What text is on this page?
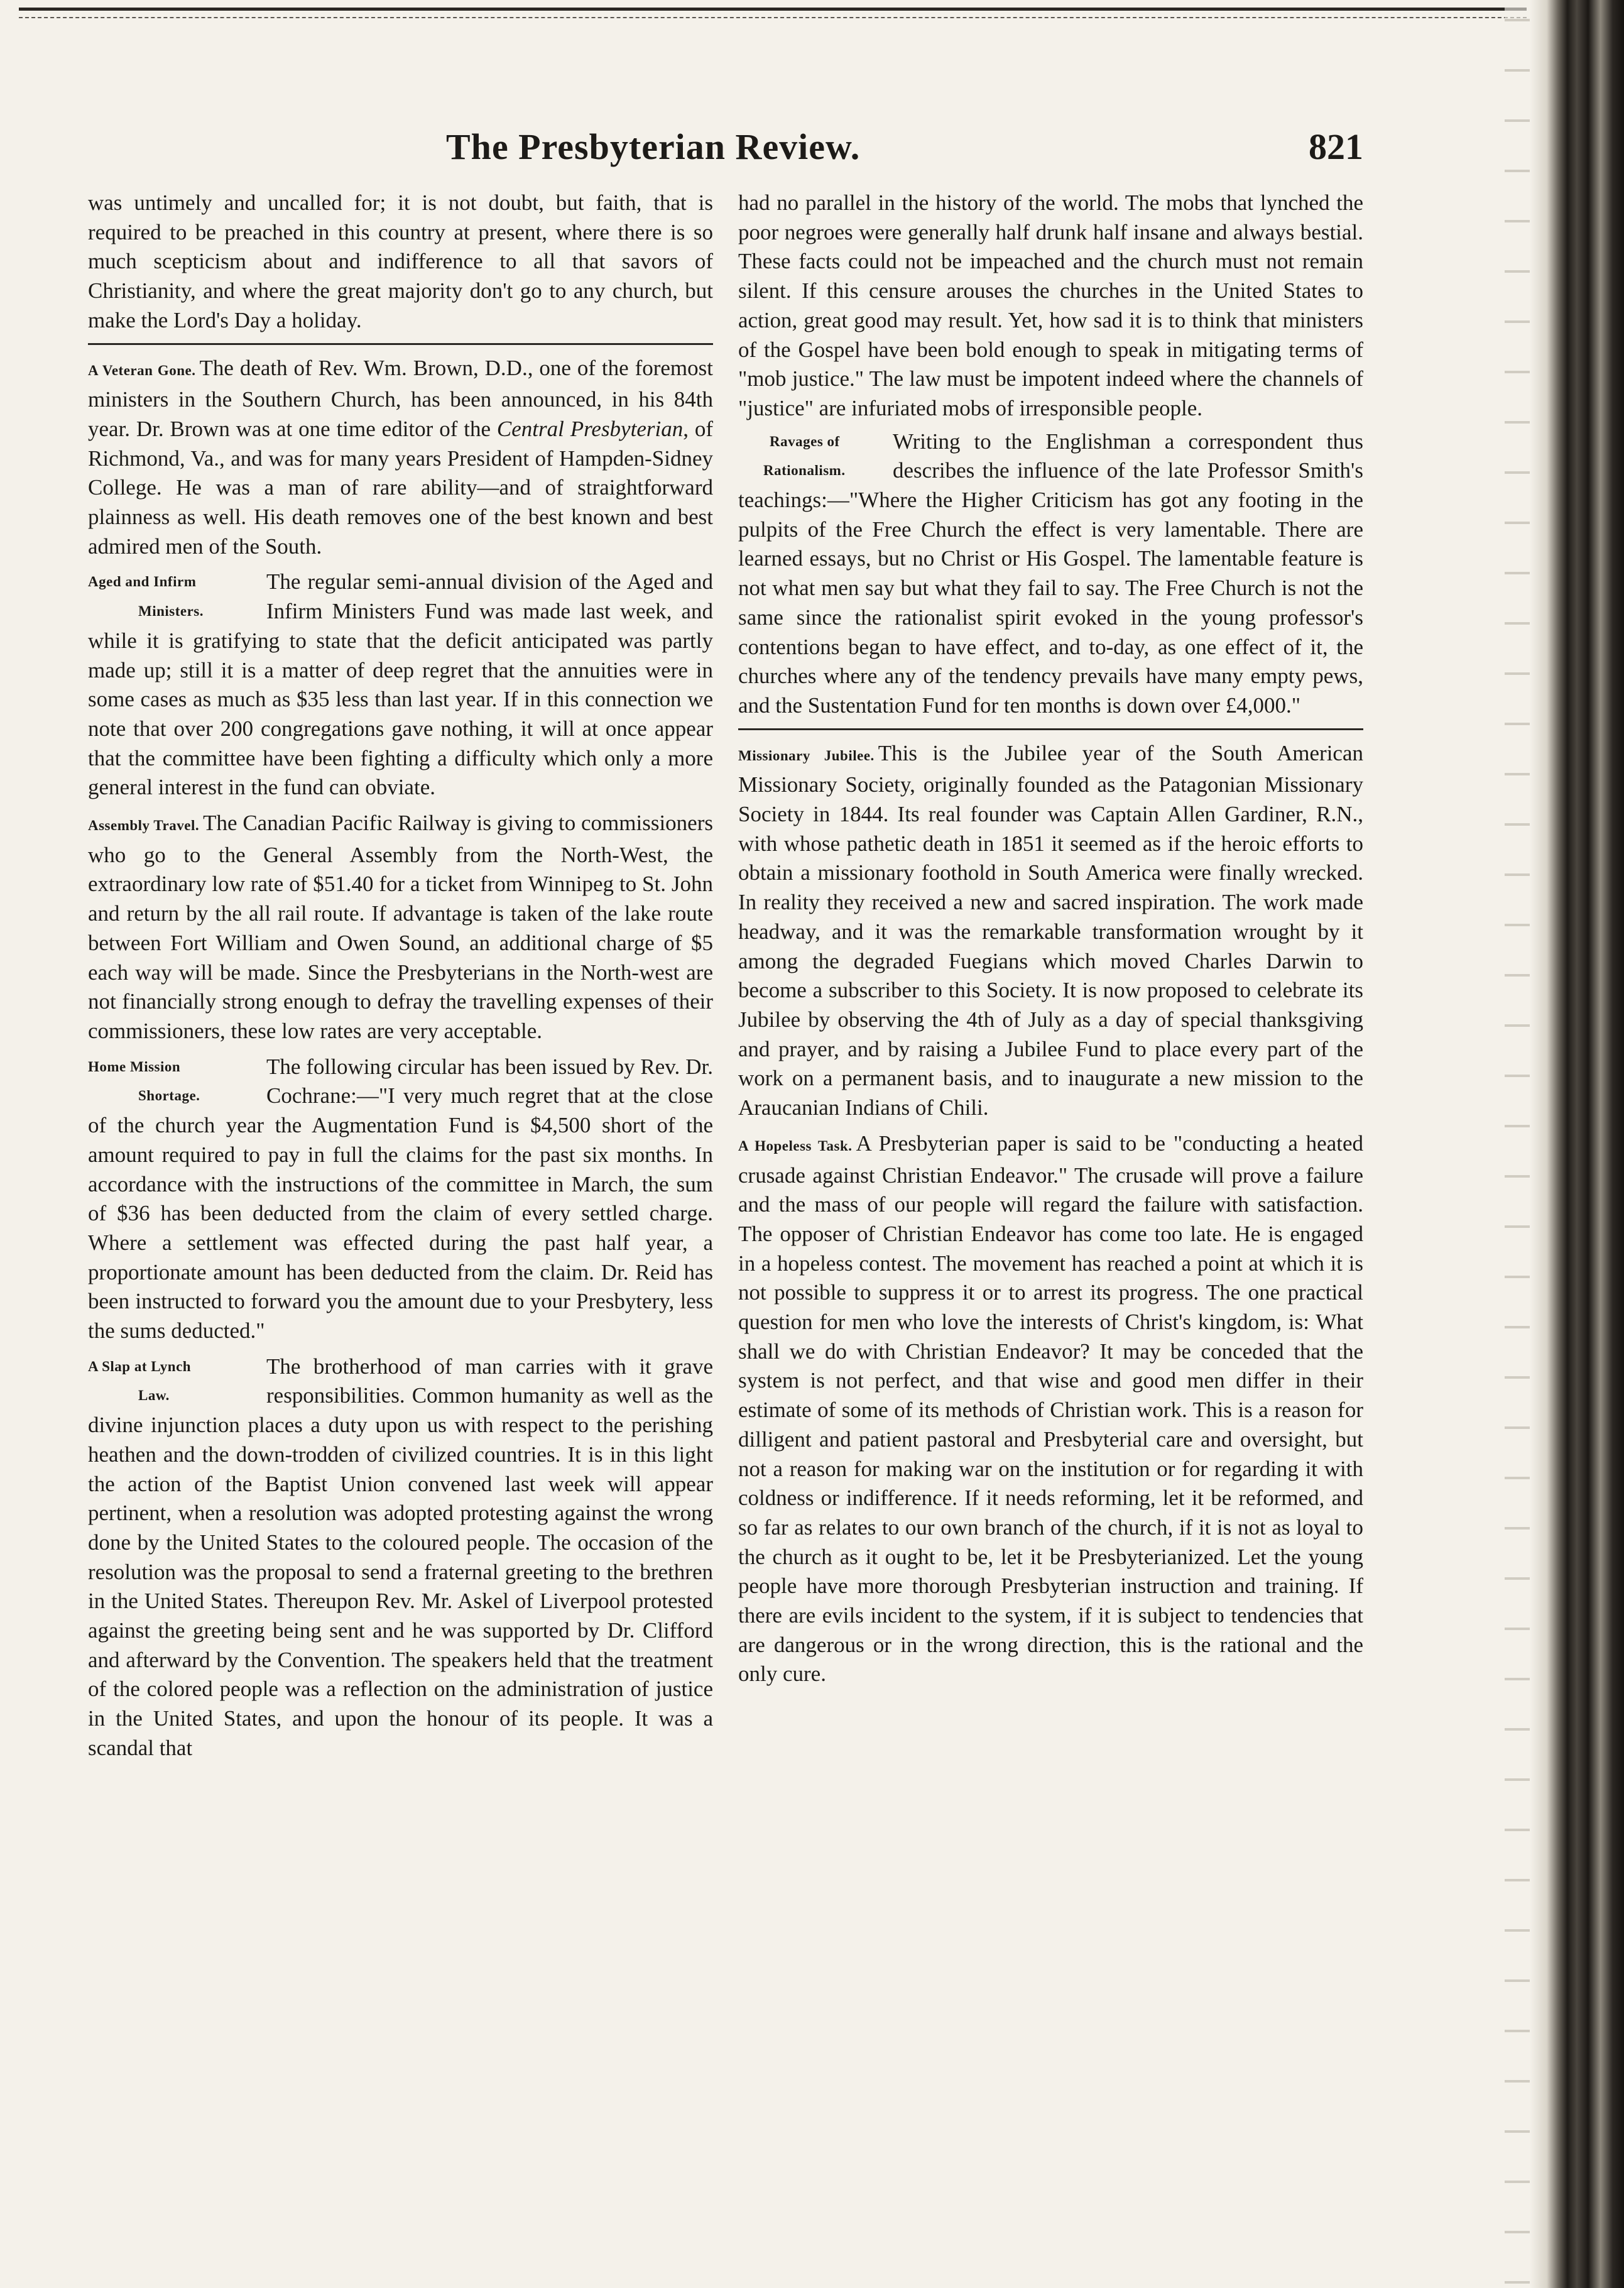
The Presbyterian Review.	821

was untimely and uncalled for; it is not doubt, but faith, that is required to be preached in this country at present, where there is so much scepticism about and indifference to all that savors of Christianity, and where the great majority don't go to any church, but make the Lord's Day a holiday.

A Veteran Gone. The death of Rev. Wm. Brown, D.D., one of the foremost ministers in the Southern Church, has been announced, in his 84th year. Dr. Brown was at one time editor of the Central Presbyterian, of Richmond, Va., and was for many years President of Hampden-Sidney College. He was a man of rare ability—and of straightforward plainness as well. His death removes one of the best known and best admired men of the South.

Aged and Infirm
Ministers.
The regular semi-annual division of the Aged and Infirm Ministers Fund was made last week, and while it is gratifying to state that the deficit anticipated was partly made up; still it is a matter of deep regret that the annuities were in some cases as much as $35 less than last year. If in this connection we note that over 200 congregations gave nothing, it will at once appear that the committee have been fighting a difficulty which only a more general interest in the fund can obviate.

Assembly Travel. The Canadian Pacific Railway is giving to commissioners who go to the General Assembly from the North-West, the extraordinary low rate of $51.40 for a ticket from Winnipeg to St. John and return by the all rail route. If advantage is taken of the lake route between Fort William and Owen Sound, an additional charge of $5 each way will be made. Since the Presbyterians in the North-west are not financially strong enough to defray the travelling expenses of their commissioners, these low rates are very acceptable.

Home Mission
Shortage.
The following circular has been issued by Rev. Dr. Cochrane:—"I very much regret that at the close of the church year the Augmentation Fund is $4,500 short of the amount required to pay in full the claims for the past six months. In accordance with the instructions of the committee in March, the sum of $36 has been deducted from the claim of every settled charge. Where a settlement was effected during the past half year, a proportionate amount has been deducted from the claim. Dr. Reid has been instructed to forward you the amount due to your Presbytery, less the sums deducted."

A Slap at Lynch
Law.
The brotherhood of man carries with it grave responsibilities. Common humanity as well as the divine injunction places a duty upon us with respect to the perishing heathen and the down-trodden of civilized countries. It is in this light the action of the Baptist Union convened last week will appear pertinent, when a resolution was adopted protesting against the wrong done by the United States to the coloured people. The occasion of the resolution was the proposal to send a fraternal greeting to the brethren in the United States. Thereupon Rev. Mr. Askel of Liverpool protested against the greeting being sent and he was supported by Dr. Clifford and afterward by the Convention. The speakers held that the treatment of the colored people was a reflection on the administration of justice in the United States, and upon the honour of its people. It was a scandal that

had no parallel in the history of the world. The mobs that lynched the poor negroes were generally half drunk half insane and always bestial. These facts could not be impeached and the church must not remain silent. If this censure arouses the churches in the United States to action, great good may result. Yet, how sad it is to think that ministers of the Gospel have been bold enough to speak in mitigating terms of "mob justice." The law must be impotent indeed where the channels of "justice" are infuriated mobs of irresponsible people.

Ravages of
Rationalism.
Writing to the Englishman a correspondent thus describes the influence of the late Professor Smith's teachings:—"Where the Higher Criticism has got any footing in the pulpits of the Free Church the effect is very lamentable. There are learned essays, but no Christ or His Gospel. The lamentable feature is not what men say but what they fail to say. The Free Church is not the same since the rationalist spirit evoked in the young professor's contentions began to have effect, and to-day, as one effect of it, the churches where any of the tendency prevails have many empty pews, and the Sustentation Fund for ten months is down over £4,000."

Missionary Jubilee. This is the Jubilee year of the South American Missionary Society, originally founded as the Patagonian Missionary Society in 1844. Its real founder was Captain Allen Gardiner, R.N., with whose pathetic death in 1851 it seemed as if the heroic efforts to obtain a missionary foothold in South America were finally wrecked. In reality they received a new and sacred inspiration. The work made headway, and it was the remarkable transformation wrought by it among the degraded Fuegians which moved Charles Darwin to become a subscriber to this Society. It is now proposed to celebrate its Jubilee by observing the 4th of July as a day of special thanksgiving and prayer, and by raising a Jubilee Fund to place every part of the work on a permanent basis, and to inaugurate a new mission to the Araucanian Indians of Chili.

A Hopeless Task. A Presbyterian paper is said to be "conducting a heated crusade against Christian Endeavor." The crusade will prove a failure and the mass of our people will regard the failure with satisfaction. The opposer of Christian Endeavor has come too late. He is engaged in a hopeless contest. The movement has reached a point at which it is not possible to suppress it or to arrest its progress. The one practical question for men who love the interests of Christ's kingdom, is: What shall we do with Christian Endeavor? It may be conceded that the system is not perfect, and that wise and good men differ in their estimate of some of its methods of Christian work. This is a reason for dilligent and patient pastoral and Presbyterial care and oversight, but not a reason for making war on the institution or for regarding it with coldness or indifference. If it needs reforming, let it be reformed, and so far as relates to our own branch of the church, if it is not as loyal to the church as it ought to be, let it be Presbyterianized. Let the young people have more thorough Presbyterian instruction and training. If there are evils incident to the system, if it is subject to tendencies that are dangerous or in the wrong direction, this is the rational and the only cure.
